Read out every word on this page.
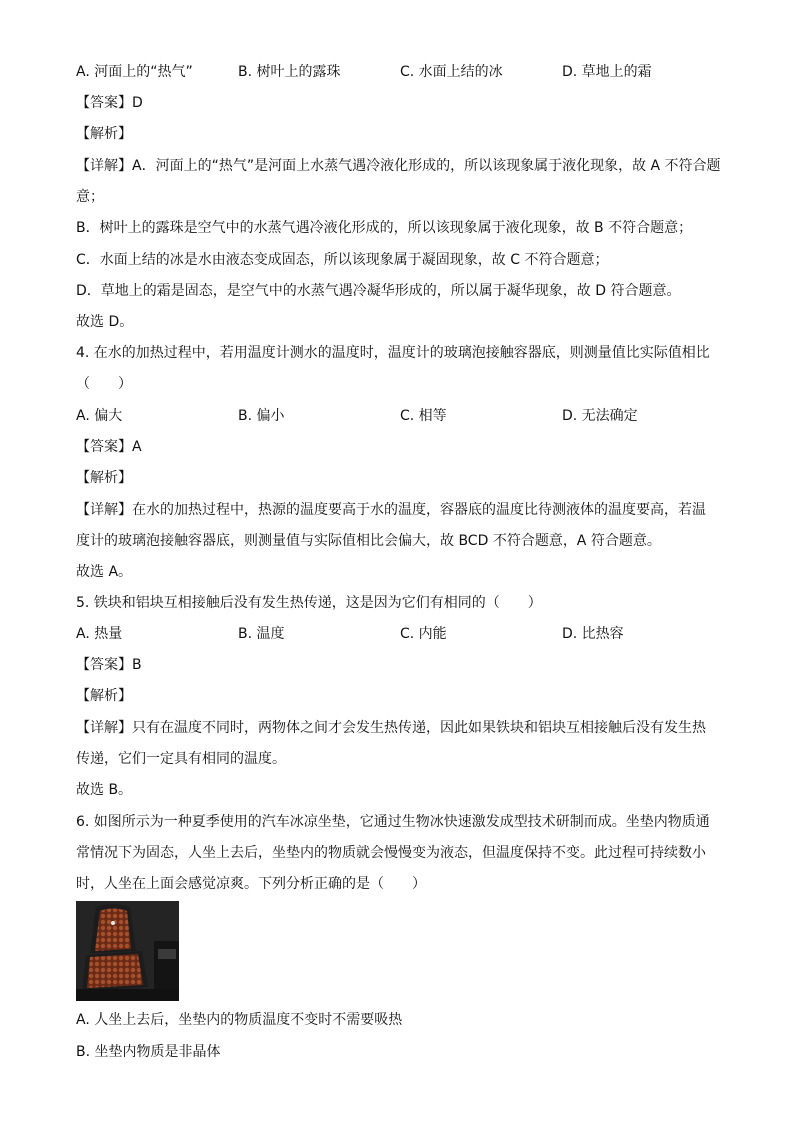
A. 河面上的“热气”	B. 树叶上的露珠	C. 水面上结的冰	D. 草地上的霜
【答案】D
【解析】
【详解】A．河面上的“热气”是河面上水蒸气遇冷液化形成的，所以该现象属于液化现象，故 A 不符合题
意；
B．树叶上的露珠是空气中的水蒸气遇冷液化形成的，所以该现象属于液化现象，故 B 不符合题意；
C．水面上结的冰是水由液态变成固态，所以该现象属于凝固现象，故 C 不符合题意；
D．草地上的霜是固态，是空气中的水蒸气遇冷凝华形成的，所以属于凝华现象，故 D 符合题意。
故选 D。
4. 在水的加热过程中，若用温度计测水的温度时，温度计的玻璃泡接触容器底，则测量值比实际值相比
（　　）
A. 偏大	B. 偏小	C. 相等	D. 无法确定
【答案】A
【解析】
【详解】在水的加热过程中，热源的温度要高于水的温度，容器底的温度比待测液体的温度要高，若温
度计的玻璃泡接触容器底，则测量值与实际值相比会偏大，故 BCD 不符合题意，A 符合题意。
故选 A。
5. 铁块和铝块互相接触后没有发生热传递，这是因为它们有相同的（　　）
A. 热量	B. 温度	C. 内能	D. 比热容
【答案】B
【解析】
【详解】只有在温度不同时，两物体之间才会发生热传递，因此如果铁块和铝块互相接触后没有发生热
传递，它们一定具有相同的温度。
故选 B。
6. 如图所示为一种夏季使用的汽车冰凉坐垫，它通过生物冰快速激发成型技术研制而成。坐垫内物质通
常情况下为固态，人坐上去后，坐垫内的物质就会慢慢变为液态，但温度保持不变。此过程可持续数小
时，人坐在上面会感觉凉爽。下列分析正确的是（　　）
A. 人坐上去后，坐垫内的物质温度不变时不需要吸热
B. 坐垫内物质是非晶体
